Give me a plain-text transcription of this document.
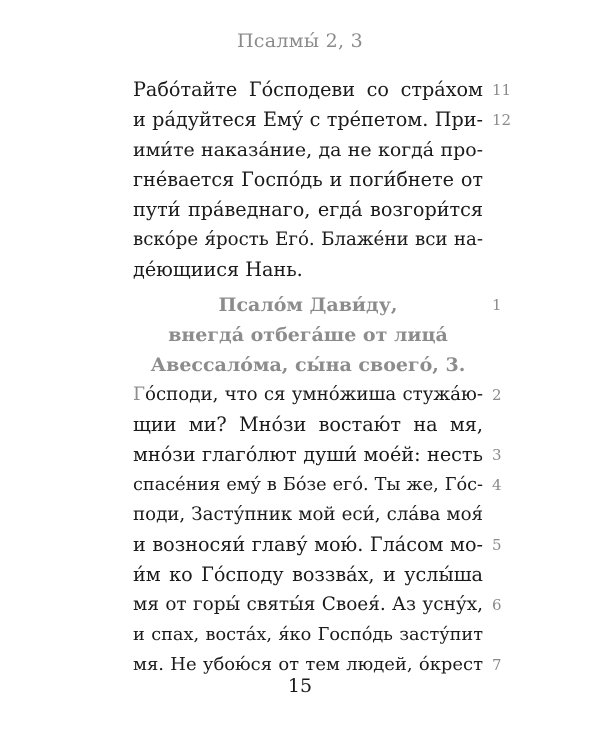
Псалмы́ 2, 3
Рабо́тайте Го́сподеви со стра́хом
и ра́дуйтеся Ему́ с тре́петом. При-
ими́те наказа́ние, да не когда́ про-
гне́вается Госпо́дь и поги́бнете от
пути́ пра́веднаго, егда́ возгори́тся
вско́ре я́рость Его́. Блаже́ни вси на-
де́ющиися Нань.
11
12
Псало́м Дави́ду,
внегда́ отбега́ше от лица́
Авессало́ма, сы́на своего́, 3.
1
Го́споди, что ся умно́жиша стужа́ю-
щии ми? Мно́зи востаю́т на мя,
мно́зи глаго́лют души́ мое́й: несть
спасе́ния ему́ в Бо́зе его́. Ты же, Го́с-
поди, Засту́пник мой еси́, сла́ва моя́
и возносяи́ главу́ мою́. Гла́сом мо-
и́м ко Го́споду воззва́х, и услы́ша
мя от горы́ святы́я Своея́. Аз усну́х,
и спах, воста́х, я́ко Госпо́дь засту́пит
мя. Не убою́ся от тем людей, о́крест
2
3
4
5
6
7
15
